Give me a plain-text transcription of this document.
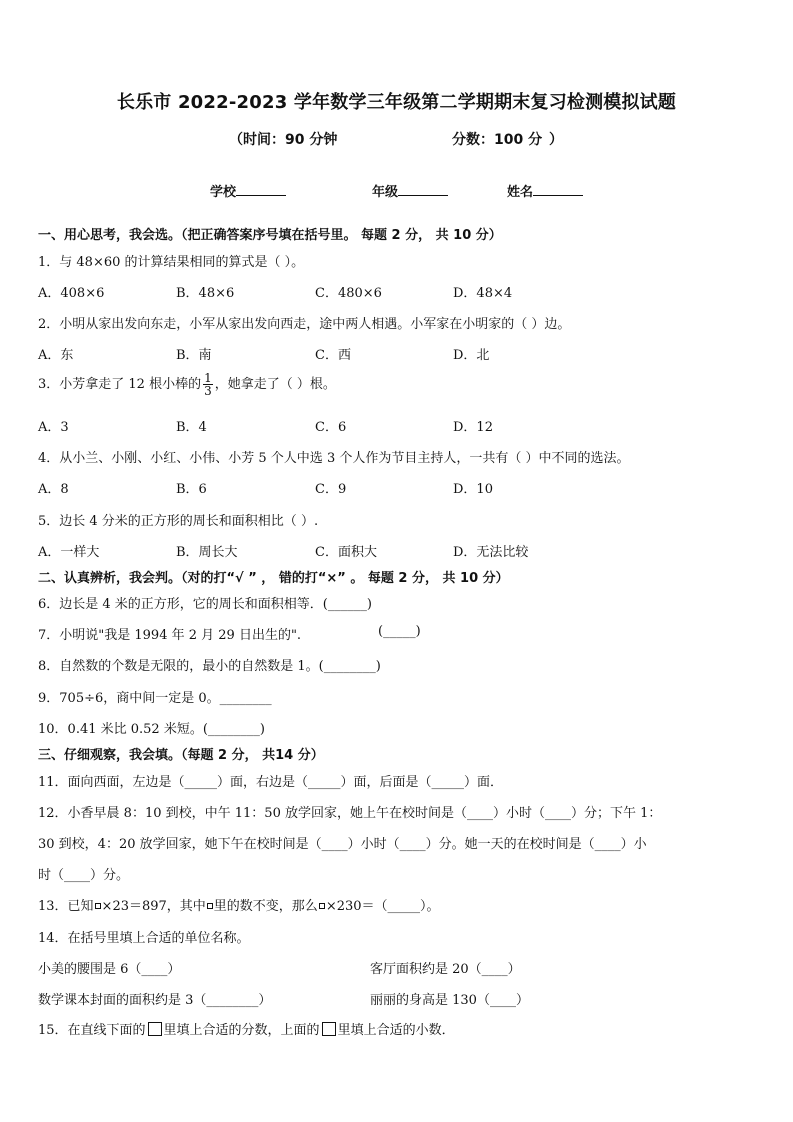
长乐市 2022-2023 学年数学三年级第二学期期末复习检测模拟试题
（ 时间：90 分钟	分数：100 分 ）
学校	年级	姓名
一、用心思考，我会选。（把正确答案序号填在括号里。 每题 2 分， 共 10 分）
1．与 48×60 的计算结果相同的算式是（ ）。
A．408×6	B．48×6	C．480×6	D．48×4
2．小明从家出发向东走，小军从家出发向西走，途中两人相遇。小军家在小明家的（ ）边。
A．东	B．南	C．西	D．北
3．小芳拿走了 12 根小棒的 $\frac{1}{3}$ ，她拿走了（ ）根。
A．3	B．4	C．6	D．12
4．从小兰、小刚、小红、小伟、小芳 5 个人中选 3 个人作为节目主持人，一共有（ ）中不同的选法。
A．8	B．6	C．9	D．10
5．边长 4 分米的正方形的周长和面积相比（ ）.
A．一样大	B．周长大	C．面积大	D．无法比较
二、认真辨析，我会判。（对的打“√ ” ， 错的打“×” 。 每题 2 分， 共 10 分）
6．边长是 4 米的正方形，它的周长和面积相等．(______)
7．小明说"我是 1994 年 2 月 29 日出生的".	(_____)
8．自然数的个数是无限的，最小的自然数是 1。(________)
9．705÷6，商中间一定是 0。________
10．0.41 米比 0.52 米短。(________)
三、仔细观察，我会填。（每题 2 分， 共14 分）
11．面向西面，左边是（_____）面，右边是（_____）面，后面是（_____）面．
12．小香早晨 8：10 到校，中午 11：50 放学回家，她上午在校时间是（____）小时（____）分；下午 1：
30 到校，4：20 放学回家，她下午在校时间是（____）小时（____）分。她一天的在校时间是（____）小
时（____）分。
13．已知 ×23＝897，其中 里的数不变，那么 ×230＝（_____）。
14．在括号里填上合适的单位名称。
小美的腰围是 6（____）	客厅面积约是 20（____）
数学课本封面的面积约是 3（________）	丽丽的身高是 130（____）
15．在直线下面的 里填上合适的分数，上面的 里填上合适的小数．
